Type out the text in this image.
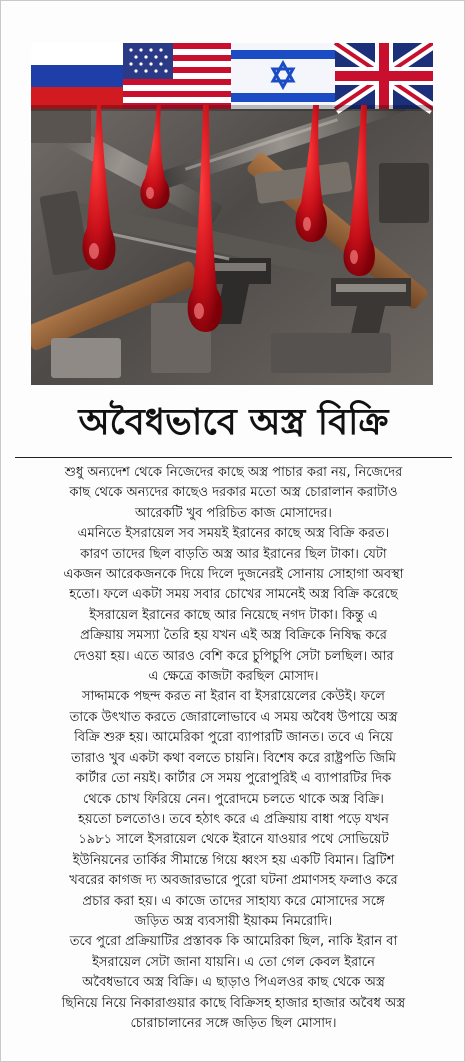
অবৈধভাবে অস্ত্র বিক্রি
শুধু অন্যদেশ থেকে নিজেদের কাছে অস্ত্র পাচার করা নয়, নিজেদের
কাছ থেকে অন্যদের কাছেও দরকার মতো অস্ত্র চোরালান করাটাও
আরেকটি খুব পরিচিত কাজ মোসাদের।
এমনিতে ইসরায়েল সব সময়ই ইরানের কাছে অস্ত্র বিক্রি করত।
কারণ তাদের ছিল বাড়তি অস্ত্র আর ইরানের ছিল টাকা। যেটা
একজন আরেকজনকে দিয়ে দিলে দুজনেরই সোনায় সোহাগা অবস্থা
হতো। ফলে একটা সময় সবার চোখের সামনেই অস্ত্র বিক্রি করেছে
ইসরায়েল ইরানের কাছে আর নিয়েছে নগদ টাকা। কিন্তু এ
প্রক্রিয়ায় সমস্যা তৈরি হয় যখন এই অস্ত্র বিক্রিকে নিষিদ্ধ করে
দেওয়া হয়। এতে আরও বেশি করে চুপিচুপি সেটা চলছিল। আর
এ ক্ষেত্রে কাজটা করছিল মোসাদ।
সাদ্দামকে পছন্দ করত না ইরান বা ইসরায়েলের কেউই। ফলে
তাকে উৎখাত করতে জোরালোভাবে এ সময় অবৈধ উপায়ে অস্ত্র
বিক্রি শুরু হয়। আমেরিকা পুরো ব্যাপারটি জানত। তবে এ নিয়ে
তারাও খুব একটা কথা বলতে চায়নি। বিশেষ করে রাষ্ট্রপতি জিমি
কার্টার তো নয়ই। কার্টার সে সময় পুরোপুরিই এ ব্যাপারটির দিক
থেকে চোখ ফিরিয়ে নেন। পুরোদমে চলতে থাকে অস্ত্র বিক্রি।
হয়তো চলতোও। তবে হঠাৎ করে এ প্রক্রিয়ায় বাধা পড়ে যখন
১৯৮১ সালে ইসরায়েল থেকে ইরানে যাওয়ার পথে সোভিয়েট
ইউনিয়নের তার্কির সীমান্তে গিয়ে ধ্বংস হয় একটি বিমান। ব্রিটিশ
খবরের কাগজ দ্য অবজারভারে পুরো ঘটনা প্রমাণসহ ফলাও করে
প্রচার করা হয়। এ কাজে তাদের সাহায্য করে মোসাদের সঙ্গে
জড়িত অস্ত্র ব্যবসায়ী ইয়াকম নিমরোদি।
তবে পুরো প্রক্রিয়াটির প্রস্তাবক কি আমেরিকা ছিল, নাকি ইরান বা
ইসরায়েল সেটা জানা যায়নি। এ তো গেল কেবল ইরানে
অবৈধভাবে অস্ত্র বিক্রি। এ ছাড়াও পিএলওর কাছ থেকে অস্ত্র
ছিনিয়ে নিয়ে নিকারাগুয়ার কাছে বিক্রিসহ হাজার হাজার অবৈধ অস্ত্র
চোরাচালানের সঙ্গে জড়িত ছিল মোসাদ।
